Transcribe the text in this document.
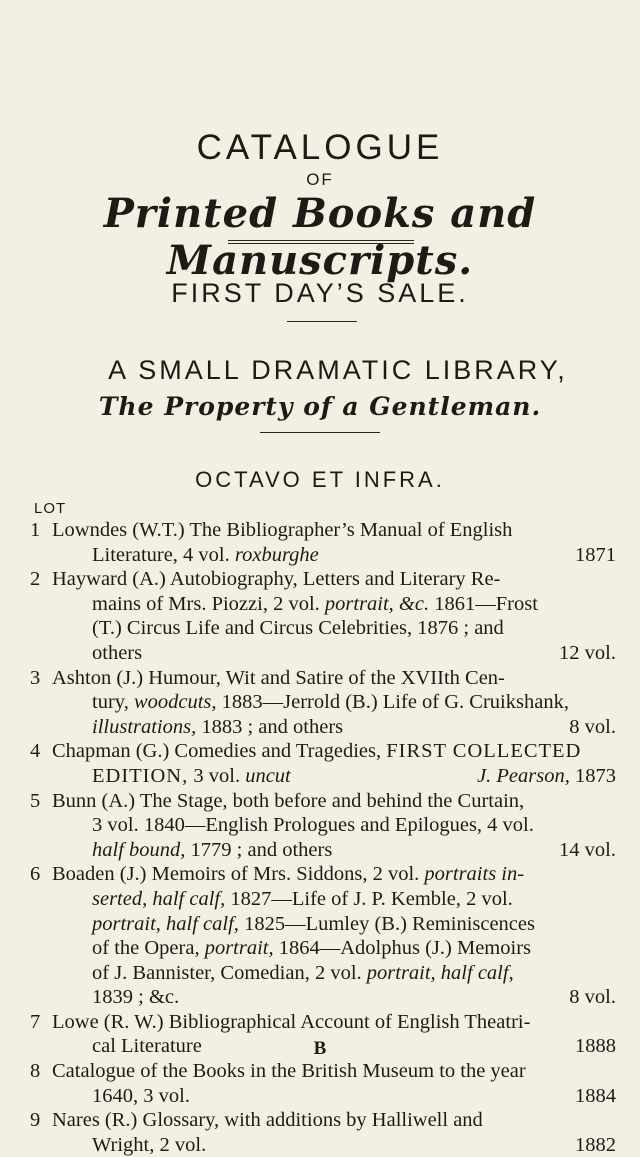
CATALOGUE
OF
Printed Books and Manuscripts.
FIRST DAY’S SALE.
A SMALL DRAMATIC LIBRARY,
The Property of a Gentleman.
OCTAVO ET INFRA.
LOT
1 Lowndes (W.T.) The Bibliographer’s Manual of English
Literature, 4 vol. roxburghe	1871
2 Hayward (A.) Autobiography, Letters and Literary Re-
mains of Mrs. Piozzi, 2 vol. portrait, &c. 1861—Frost
(T.) Circus Life and Circus Celebrities, 1876 ; and
others	12 vol.
3 Ashton (J.) Humour, Wit and Satire of the XVIIth Cen-
tury, woodcuts, 1883—Jerrold (B.) Life of G. Cruikshank,
illustrations, 1883 ; and others	8 vol.
4 Chapman (G.) Comedies and Tragedies, FIRST COLLECTED
EDITION, 3 vol. uncut	J. Pearson, 1873
5 Bunn (A.) The Stage, both before and behind the Curtain,
3 vol. 1840—English Prologues and Epilogues, 4 vol.
half bound, 1779 ; and others	14 vol.
6 Boaden (J.) Memoirs of Mrs. Siddons, 2 vol. portraits in-
serted, half calf, 1827—Life of J. P. Kemble, 2 vol.
portrait, half calf, 1825—Lumley (B.) Reminiscences
of the Opera, portrait, 1864—Adolphus (J.) Memoirs
of J. Bannister, Comedian, 2 vol. portrait, half calf,
1839 ; &c.	8 vol.
7 Lowe (R. W.) Bibliographical Account of English Theatri-
cal Literature	1888
8 Catalogue of the Books in the British Museum to the year
1640, 3 vol.	1884
9 Nares (R.) Glossary, with additions by Halliwell and
Wright, 2 vol.	1882
B
